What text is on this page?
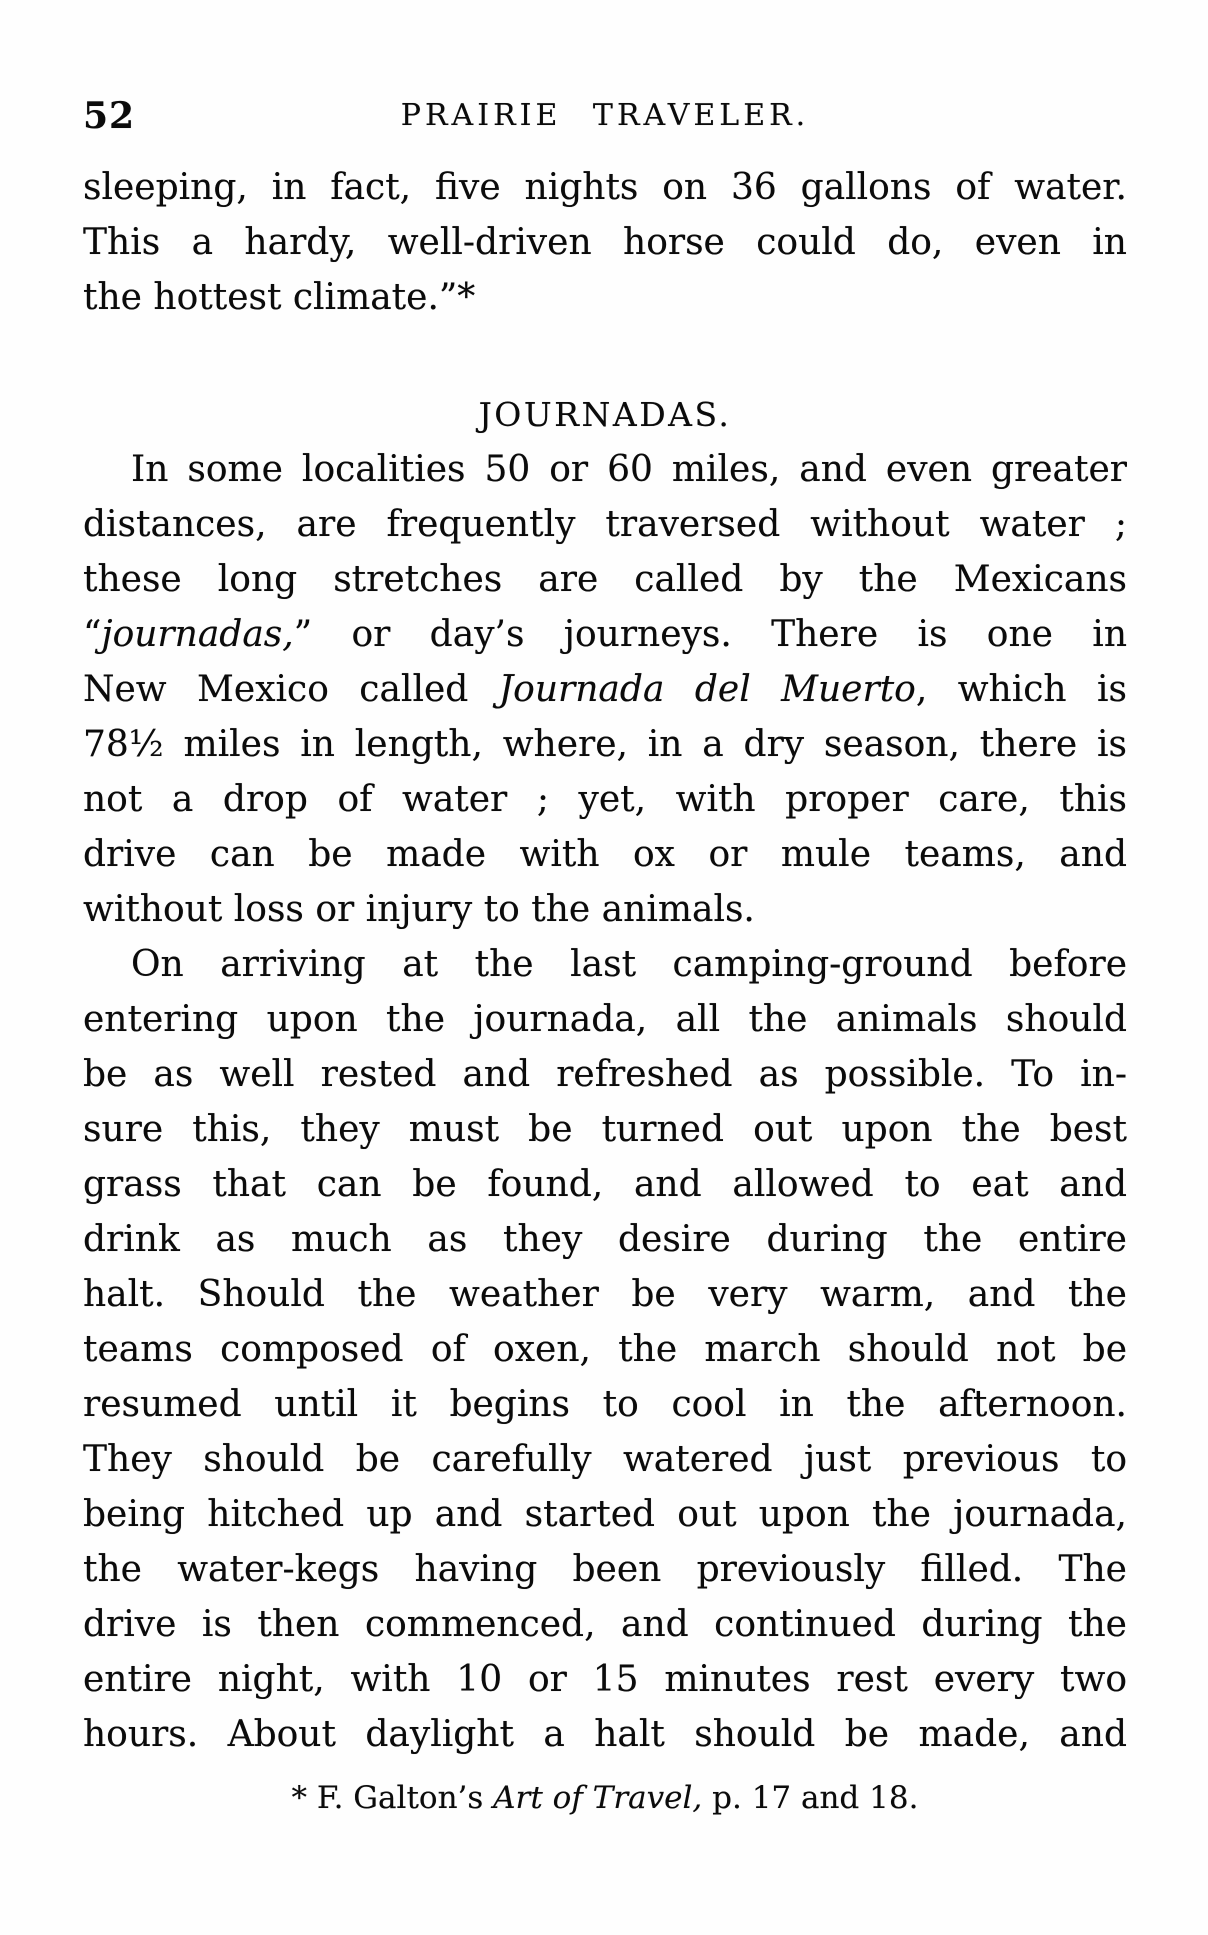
52	PRAIRIE TRAVELER.
sleeping, in fact, five nights on 36 gallons of water.
This a hardy, well-driven horse could do, even in
the hottest climate.”*
JOURNADAS.
In some localities 50 or 60 miles, and even greater
distances, are frequently traversed without water ;
these long stretches are called by the Mexicans
“journadas,” or day’s journeys. There is one in
New Mexico called Journada del Muerto, which is
78½ miles in length, where, in a dry season, there is
not a drop of water ; yet, with proper care, this
drive can be made with ox or mule teams, and
without loss or injury to the animals.
On arriving at the last camping-ground before
entering upon the journada, all the animals should
be as well rested and refreshed as possible. To in-
sure this, they must be turned out upon the best
grass that can be found, and allowed to eat and
drink as much as they desire during the entire
halt. Should the weather be very warm, and the
teams composed of oxen, the march should not be
resumed until it begins to cool in the afternoon.
They should be carefully watered just previous to
being hitched up and started out upon the journada,
the water-kegs having been previously filled. The
drive is then commenced, and continued during the
entire night, with 10 or 15 minutes rest every two
hours. About daylight a halt should be made, and
* F. Galton’s Art of Travel, p. 17 and 18.
